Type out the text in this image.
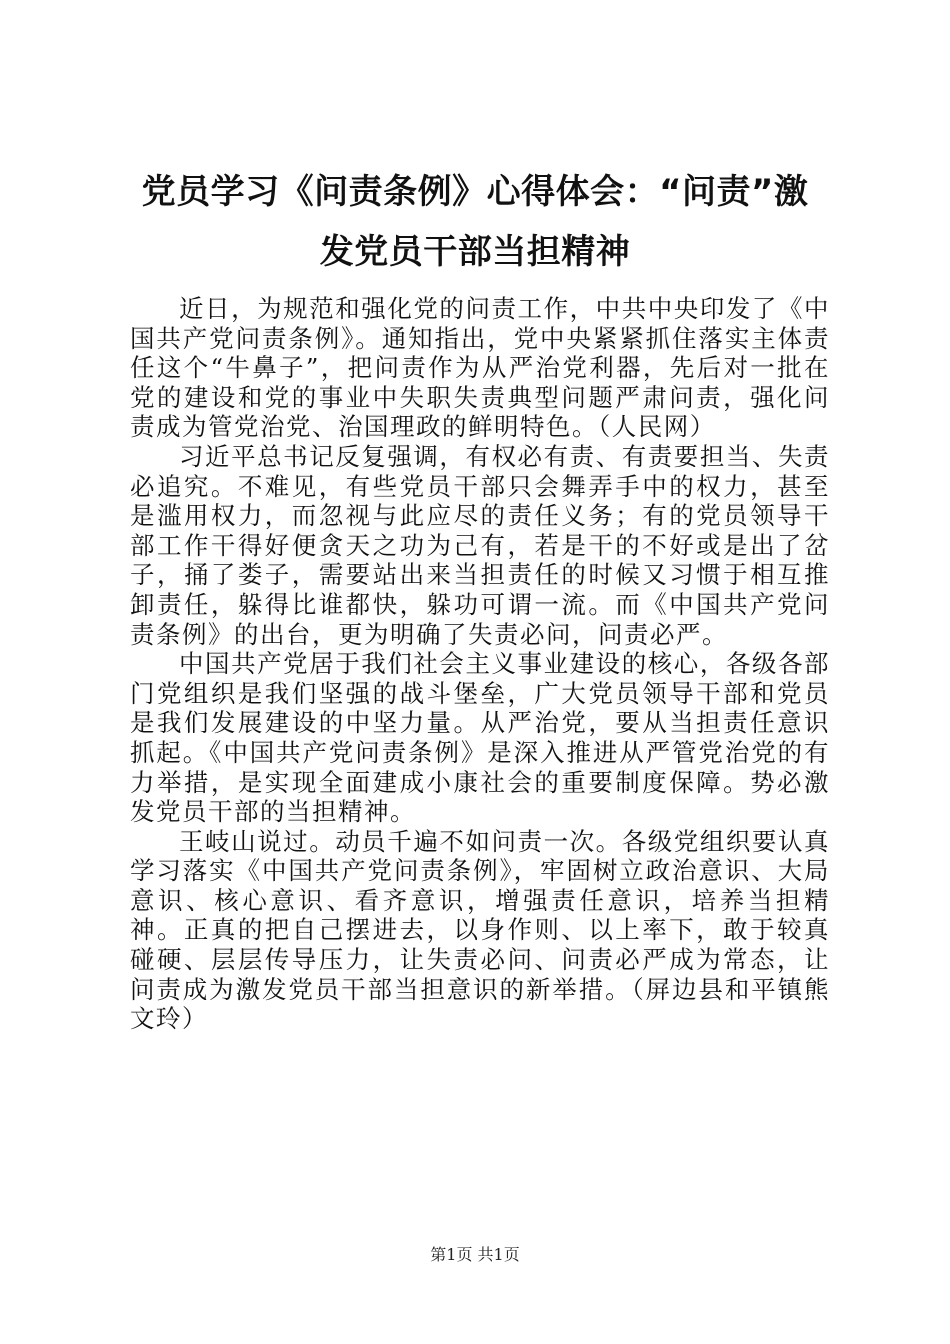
党员学习《问责条例》心得体会：“问责”激
发党员干部当担精神

近日，为规范和强化党的问责工作，中共中央印发了《中国共产党问责条例》。通知指出，党中央紧紧抓住落实主体责任这个“牛鼻子”，把问责作为从严治党利器，先后对一批在党的建设和党的事业中失职失责典型问题严肃问责，强化问责成为管党治党、治国理政的鲜明特色。（人民网）

习近平总书记反复强调，有权必有责、有责要担当、失责必追究。不难见，有些党员干部只会舞弄手中的权力，甚至是滥用权力，而忽视与此应尽的责任义务；有的党员领导干部工作干得好便贪天之功为己有，若是干的不好或是出了岔子，捅了娄子，需要站出来当担责任的时候又习惯于相互推卸责任，躲得比谁都快，躲功可谓一流。而《中国共产党问责条例》的出台，更为明确了失责必问，问责必严。

中国共产党居于我们社会主义事业建设的核心，各级各部门党组织是我们坚强的战斗堡垒，广大党员领导干部和党员是我们发展建设的中坚力量。从严治党，要从当担责任意识抓起。《中国共产党问责条例》是深入推进从严管党治党的有力举措，是实现全面建成小康社会的重要制度保障。势必激发党员干部的当担精神。

王岐山说过。动员千遍不如问责一次。各级党组织要认真学习落实《中国共产党问责条例》，牢固树立政治意识、大局意识、核心意识、看齐意识，增强责任意识，培养当担精神。正真的把自己摆进去，以身作则、以上率下，敢于较真碰硬、层层传导压力，让失责必问、问责必严成为常态，让问责成为激发党员干部当担意识的新举措。（屏边县和平镇熊文玲）

第1页 共1页
